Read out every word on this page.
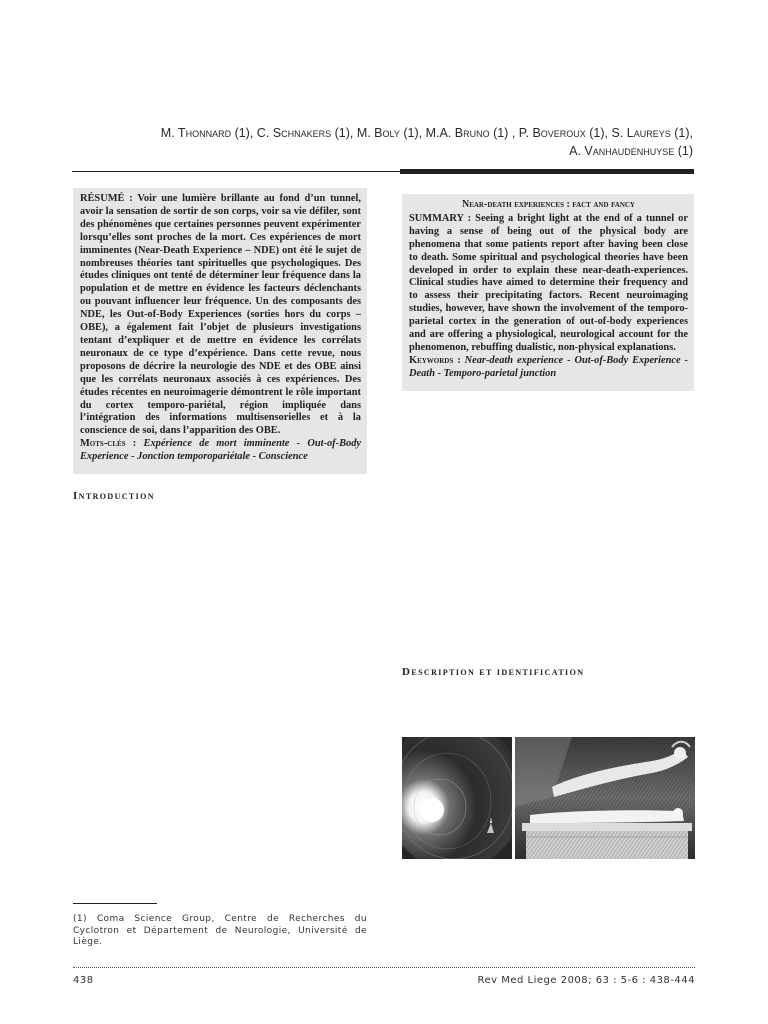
M. Thonnard (1), C. Schnakers (1), M. Boly (1), M.A. Bruno (1) , P. Boveroux (1), S. Laureys (1),
A. Vanhaudenhuyse (1)

RÉSUMÉ : Voir une lumière brillante au fond d’un tunnel, avoir la sensation de sortir de son corps, voir sa vie défiler, sont des phénomènes que certaines personnes peuvent expérimenter lorsqu’elles sont proches de la mort. Ces expériences de mort imminentes (Near-Death Experience – NDE) ont été le sujet de nombreuses théories tant spirituelles que psychologiques. Des études cliniques ont tenté de déterminer leur fréquence dans la population et de mettre en évidence les facteurs déclenchants ou pouvant influencer leur fréquence. Un des composants des NDE, les Out-of-Body Experiences (sorties hors du corps – OBE), a également fait l’objet de plusieurs investigations tentant d’expliquer et de mettre en évidence les corrélats neuronaux de ce type d’expérience. Dans cette revue, nous proposons de décrire la neurologie des NDE et des OBE ainsi que les corrélats neuronaux associés à ces expériences. Des études récentes en neuroimagerie démontrent le rôle important du cortex temporo-pariétal, région impliquée dans l’intégration des informations multisensorielles et à la conscience de soi, dans l’apparition des OBE.

Mots-clés : Expérience de mort imminente - Out-of-Body Experience - Jonction temporopariétale - Conscience

Near-death experiences : fact and fancy

SUMMARY : Seeing a bright light at the end of a tunnel or having a sense of being out of the physical body are phenomena that some patients report after having been close to death. Some spiritual and psychological theories have been developed in order to explain these near-death-experiences. Clinical studies have aimed to determine their frequency and to assess their precipitating factors. Recent neuroimaging studies, however, have shown the involvement of the temporo-parietal cortex in the generation of out-of-body experiences and are offering a physiological, neurological account for the phenomenon, rebuffing dualistic, non-physical explanations.

Keywords : Near-death experience - Out-of-Body Experience - Death - Temporo-parietal junction

Introduction
Description et identification
(1) Coma Science Group, Centre de Recherches du Cyclotron et Département de Neurologie, Université de Liège.
438	Rev Med Liege 2008; 63 : 5-6 : 438-444
